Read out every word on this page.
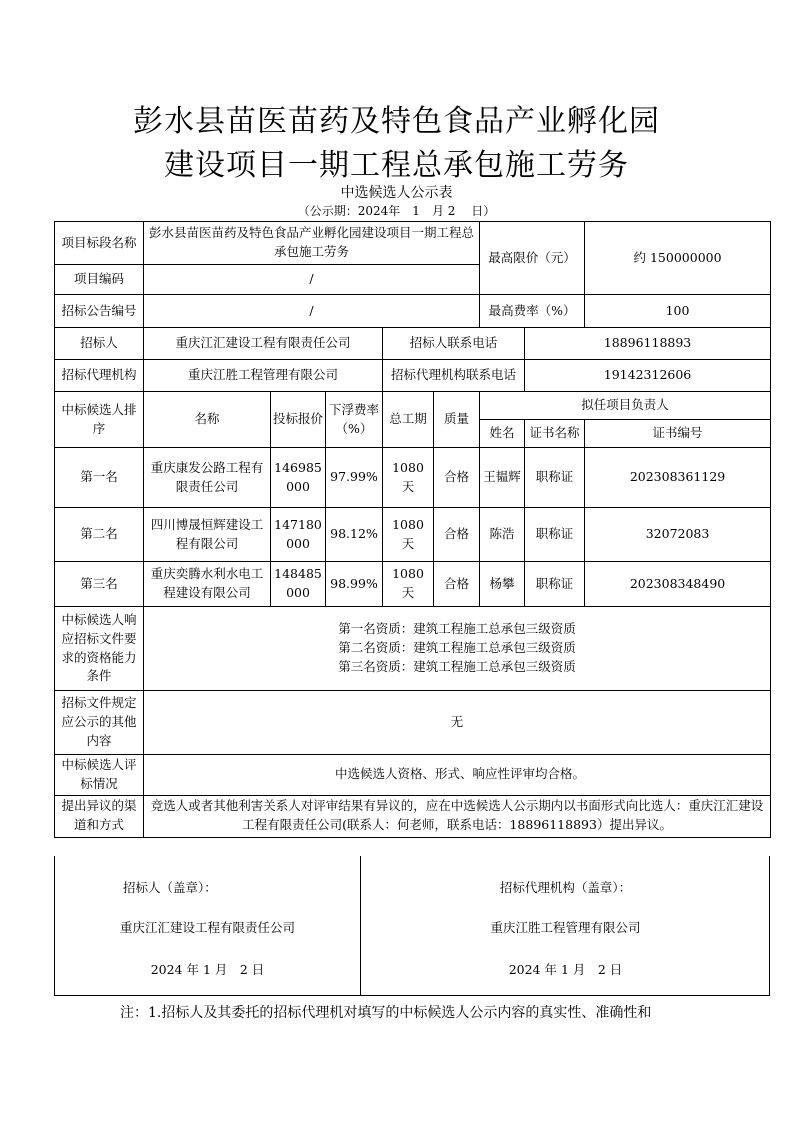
彭水县苗医苗药及特色食品产业孵化园
建设项目一期工程总承包施工劳务
中选候选人公示表
（公示期：2024年　1　月 2　 日）
项目标段名称	彭水县苗医苗药及特色食品产业孵化园建设项目一期工程总承包施工劳务					最高限价（元）		约 150000000
项目编码	/							
招标公告编号	/					最高费率（%）		100
招标人	重庆江汇建设工程有限责任公司			招标人联系电话			18896118893	
招标代理机构	重庆江胜工程管理有限公司			招标代理机构联系电话			19142312606	
中标候选人排序	名称	投标报价	下浮费率（%）	总工期	质量	拟任项目负责人		
						姓名	证书名称	证书编号
第一名	重庆康发公路工程有限责任公司	146985000	97.99%	1080 天	合格	王韫辉	职称证	202308361129
第二名	四川博晟恒辉建设工程有限公司	147180000	98.12%	1080 天	合格	陈浩	职称证	32072083
第三名	重庆奕腾水利水电工程建设有限公司	148485000	98.99%	1080 天	合格	杨攀	职称证	202308348490
中标候选人响应招标文件要求的资格能力条件	第一名资质：建筑工程施工总承包三级资质
第二名资质：建筑工程施工总承包三级资质
第三名资质：建筑工程施工总承包三级资质							

招标文件规定应公示的其他内容	无							
中标候选人评标情况	中选候选人资格、形式、响应性评审均合格。							
提出异议的渠道和方式	竞选人或者其他利害关系人对评审结果有异议的，应在中选候选人公示期内以书面形式向比选人：重庆江汇建设工程有限责任公司(联系人：何老师，联系电话：18896118893）提出异议。							
招标人（盖章）：
重庆江汇建设工程有限责任公司
2024 年 1 月　2 日
招标代理机构（盖章）：
重庆江胜工程管理有限公司
2024 年 1 月　2 日
注：1.招标人及其委托的招标代理机对填写的中标候选人公示内容的真实性、准确性和
